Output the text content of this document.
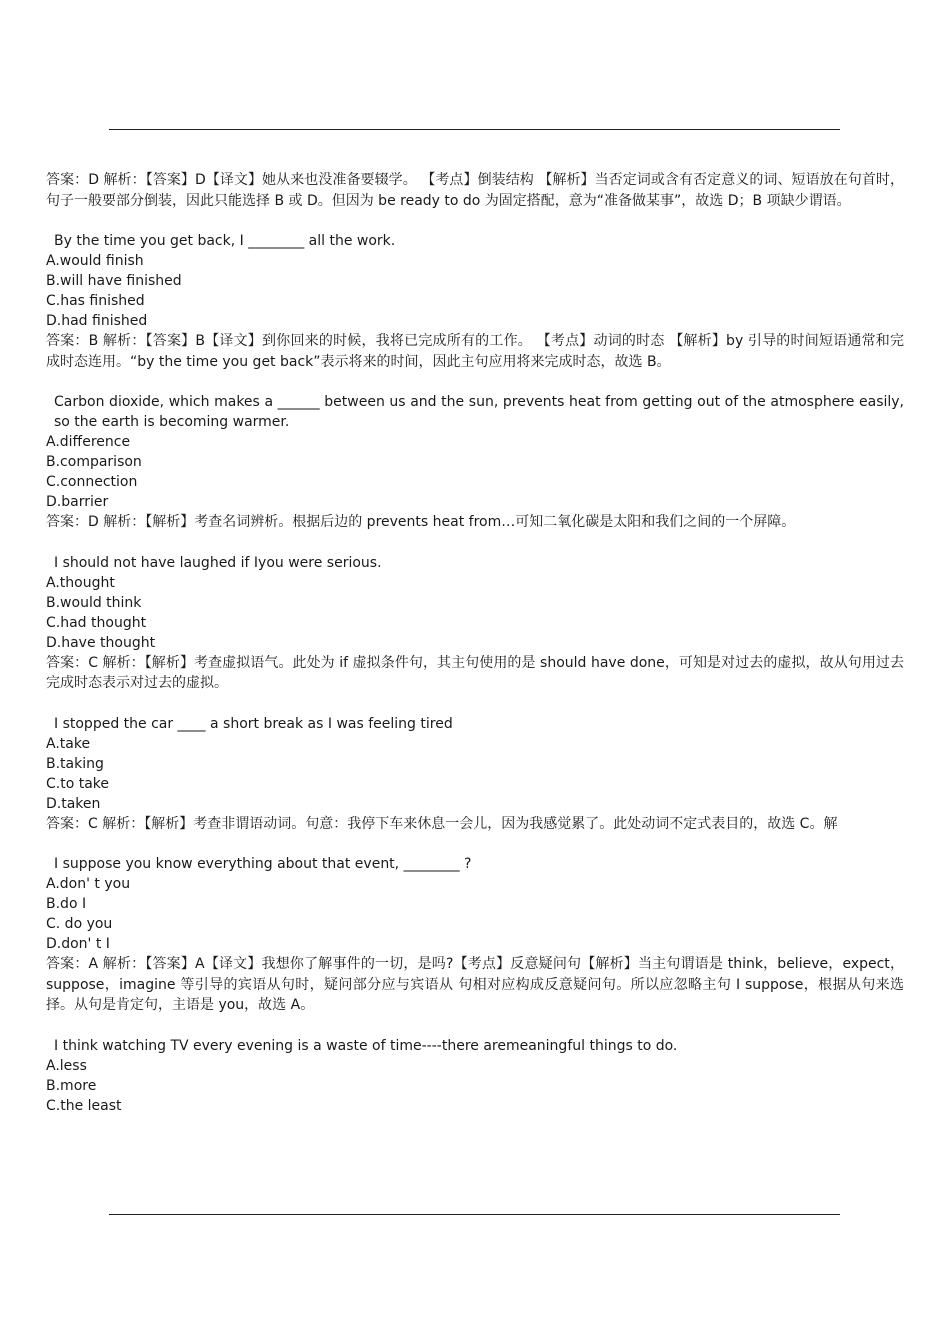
答案：D 解析：【答案】D【译文】她从来也没准备要辍学。 【考点】倒装结构 【解析】当否定词或含有否定意义的词、短语放在句首时，句子一般要部分倒装，因此只能选择 B 或 D。但因为 be ready to do 为固定搭配，意为“准备做某事”，故选 D；B 项缺少谓语。

By the time you get back, I ________ all the work.
A.would finish
B.will have finished
C.has finished
D.had finished

答案：B 解析：【答案】B【译文】到你回来的时候，我将已完成所有的工作。 【考点】动词的时态 【解析】by 引导的时间短语通常和完成时态连用。“by the time you get back”表示将来的时间，因此主句应用将来完成时态，故选 B。

Carbon dioxide, which makes a ______ between us and the sun, prevents heat from getting out of the atmosphere easily, so the earth is becoming warmer.
A.difference
B.comparison
C.connection
D.barrier

答案：D 解析：【解析】考查名词辨析。根据后边的 prevents heat from…可知二氧化碳是太阳和我们之间的一个屏障。

I should not have laughed if Iyou were serious.
A.thought
B.would think
C.had thought
D.have thought

答案：C 解析：【解析】考查虚拟语气。此处为 if 虚拟条件句，其主句使用的是 should have done，可知是对过去的虚拟，故从句用过去完成时态表示对过去的虚拟。

I stopped the car ____ a short break as I was feeling tired
A.take
B.taking
C.to take
D.taken

答案：C 解析：【解析】考查非谓语动词。句意：我停下车来休息一会儿，因为我感觉累了。此处动词不定式表目的，故选 C。解

I suppose you know everything about that event, ________ ?
A.don' t you
B.do I
C. do you
D.don' t I

答案：A 解析：【答案】A【译文】我想你了解事件的一切，是吗?【考点】反意疑问句【解析】当主句谓语是 think，believe，expect，suppose，imagine 等引导的宾语从句时，疑问部分应与宾语从 句相对应构成反意疑问句。所以应忽略主句 I suppose，根据从句来选择。从句是肯定句，主语是 you，故选 A。

I think watching TV every evening is a waste of time----there aremeaningful things to do.
A.less
B.more
C.the least
